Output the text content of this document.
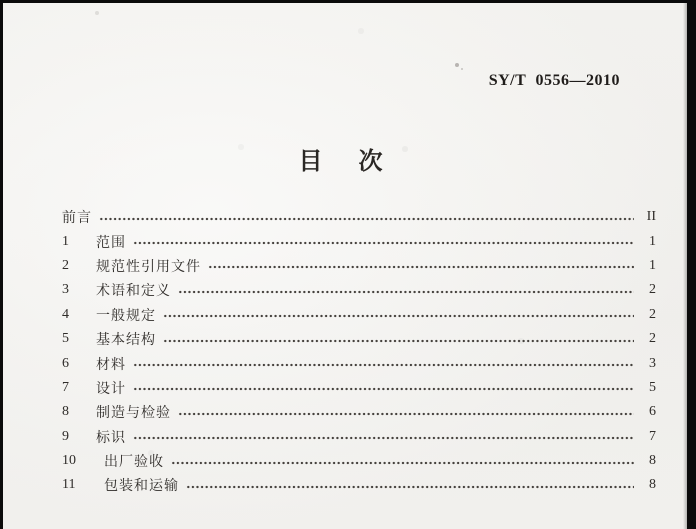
SY/T 0556—2010
目　次
前言	II
1	范围	1
2	规范性引用文件	1
3	术语和定义	2
4	一般规定	2
5	基本结构	2
6	材料	3
7	设计	5
8	制造与检验	6
9	标识	7
10	出厂验收	8
11	包装和运输	8
